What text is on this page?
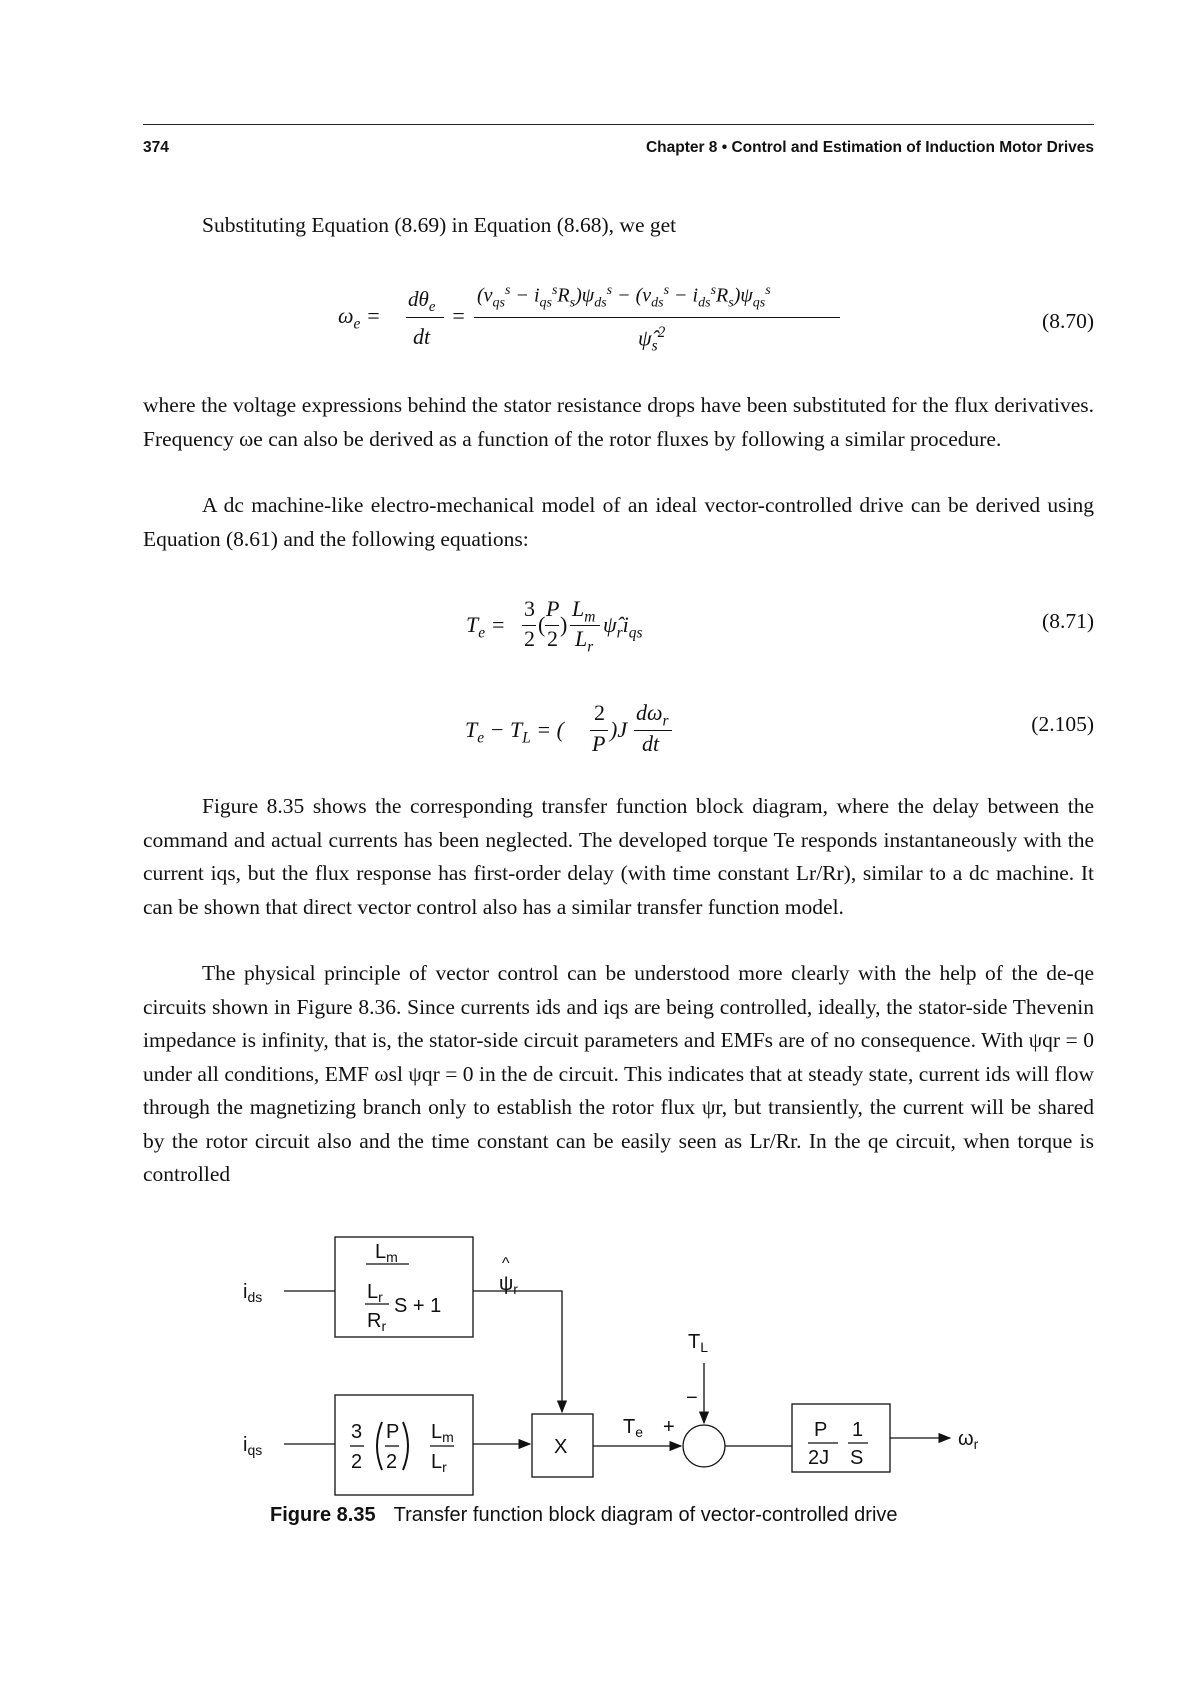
374	Chapter 8 • Control and Estimation of Induction Motor Drives
Substituting Equation (8.69) in Equation (8.68), we get
$\omega_e$ =
$d\theta_e$
dt
=
$(v_{qs}^s - i_{qs}^sR_s)\psi_{ds}^s - (v_{ds}^s - i_{ds}^sR_s)\psi_{qs}^s$
$\psî_s^2$	(8.70)

where the voltage expressions behind the stator resistance drops have been substituted for the flux derivatives. Frequency ωe can also be derived as a function of the rotor fluxes by following a similar procedure.

A dc machine-like electro-mechanical model of an ideal vector-controlled drive can be derived using Equation (8.61) and the following equations:

$T_e$ =
3
2
(
P
2
)
$L_m$
$L_r$
$\psî_ri_{qs}$	(8.71)
$T_e - T_L$ = (
2
P
)J
$d\omega_r$
dt
(2.105)

Figure 8.35 shows the corresponding transfer function block diagram, where the delay between the command and actual currents has been neglected. The developed torque Te responds instantaneously with the current iqs, but the flux response has first-order delay (with time constant Lr/Rr), similar to a dc machine. It can be shown that direct vector control also has a similar transfer function model.

The physical principle of vector control can be understood more clearly with the help of the de-qe circuits shown in Figure 8.36. Since currents ids and iqs are being controlled, ideally, the stator-side Thevenin impedance is infinity, that is, the stator-side circuit parameters and EMFs are of no consequence. With ψqr = 0 under all conditions, EMF ωsl ψqr = 0 in the de circuit. This indicates that at steady state, current ids will flow through the magnetizing branch only to establish the rotor flux ψr, but transiently, the current will be shared by the rotor circuit also and the time constant can be easily seen as Lr/Rr. In the qe circuit, when torque is controlled

$i_{ds}$
$i_{qs}$
$L_m$
$L_r$ S + 1
$R_r$
3
2
P
2
$L_m$
$L_r$
X
^
$\psi_r$
$T_e$ +
$T_L$
−
P
2J
1
S
$\omega_r$
Figure 8.35 Transfer function block diagram of vector-controlled drive
